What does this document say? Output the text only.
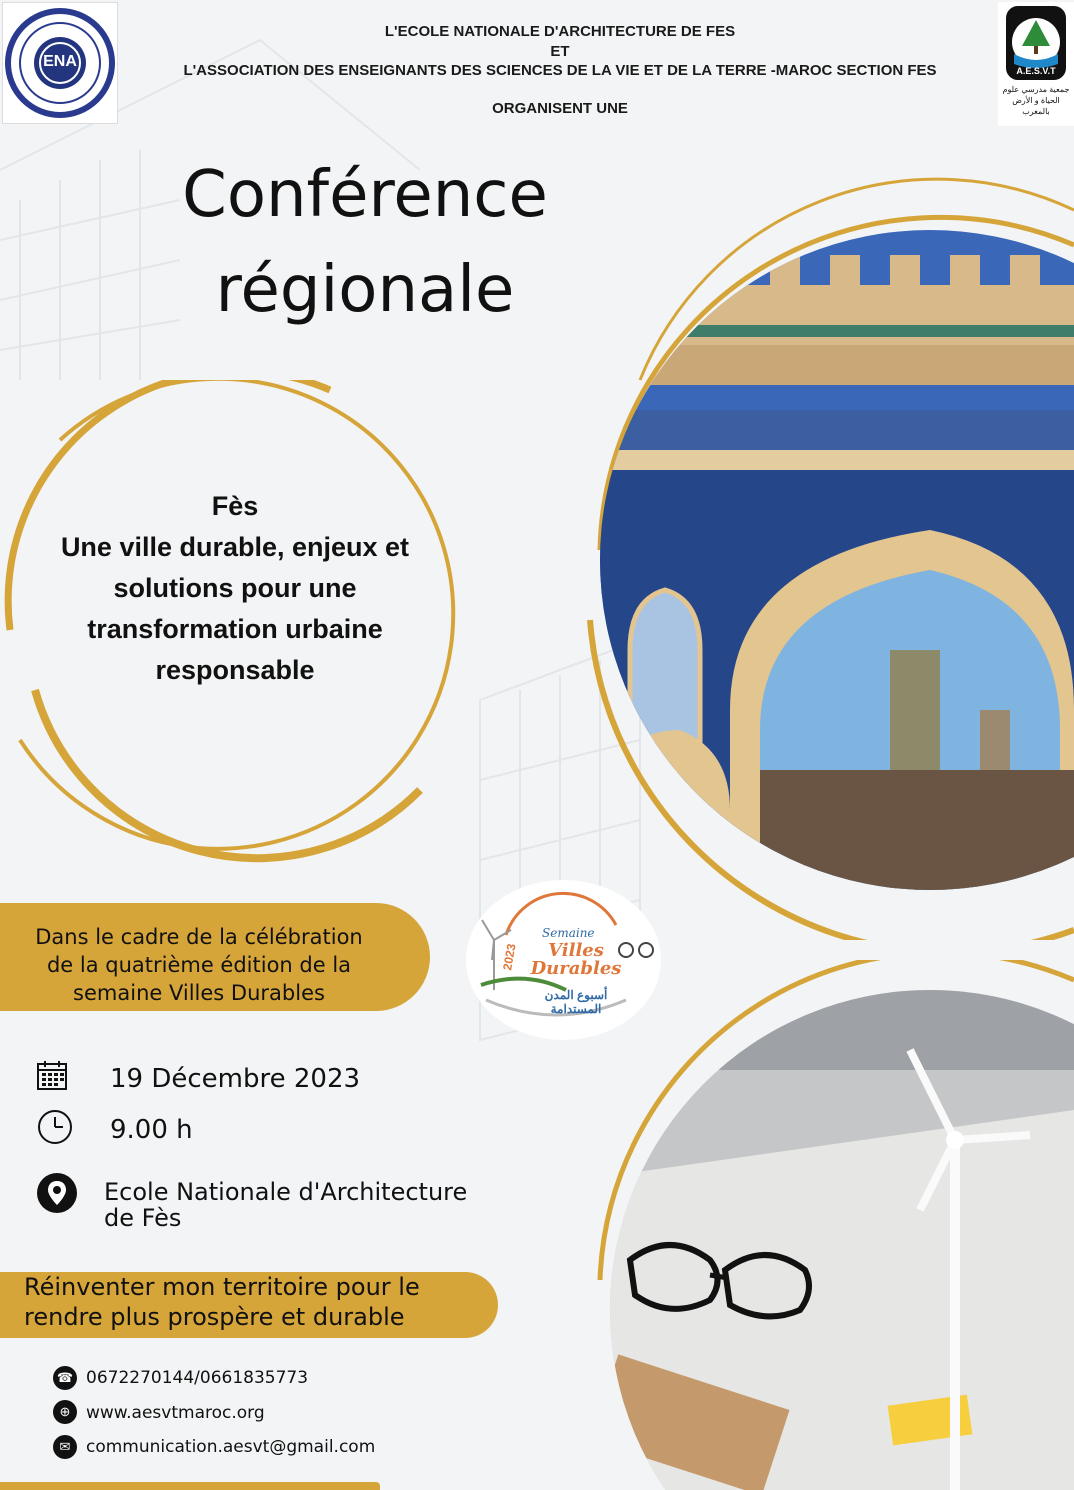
ENA
A.E.S.V.T
جمعية مدرسي علوم الحياة و الأرض بالمغرب
L'ECOLE NATIONALE D'ARCHITECTURE DE FES
ET
L'ASSOCIATION DES ENSEIGNANTS DES SCIENCES DE LA VIE ET DE LA TERRE -MAROC SECTION FES
ORGANISENT UNE
Conférence
régionale
Fès
Une ville durable, enjeux et
solutions pour une
transformation urbaine
responsable
Dans le cadre de la célébration
de la quatrième édition de la
semaine Villes Durables
2023
Semaine
Villes Durables
أسبوع المدن المستدامة
19 Décembre 2023
9.00 h
Ecole Nationale d'Architecture
de Fès
Réinventer mon territoire pour le
rendre plus prospère et durable
☎ 0672270144/0661835773
⊕ www.aesvtmaroc.org
✉ communication.aesvt@gmail.com
